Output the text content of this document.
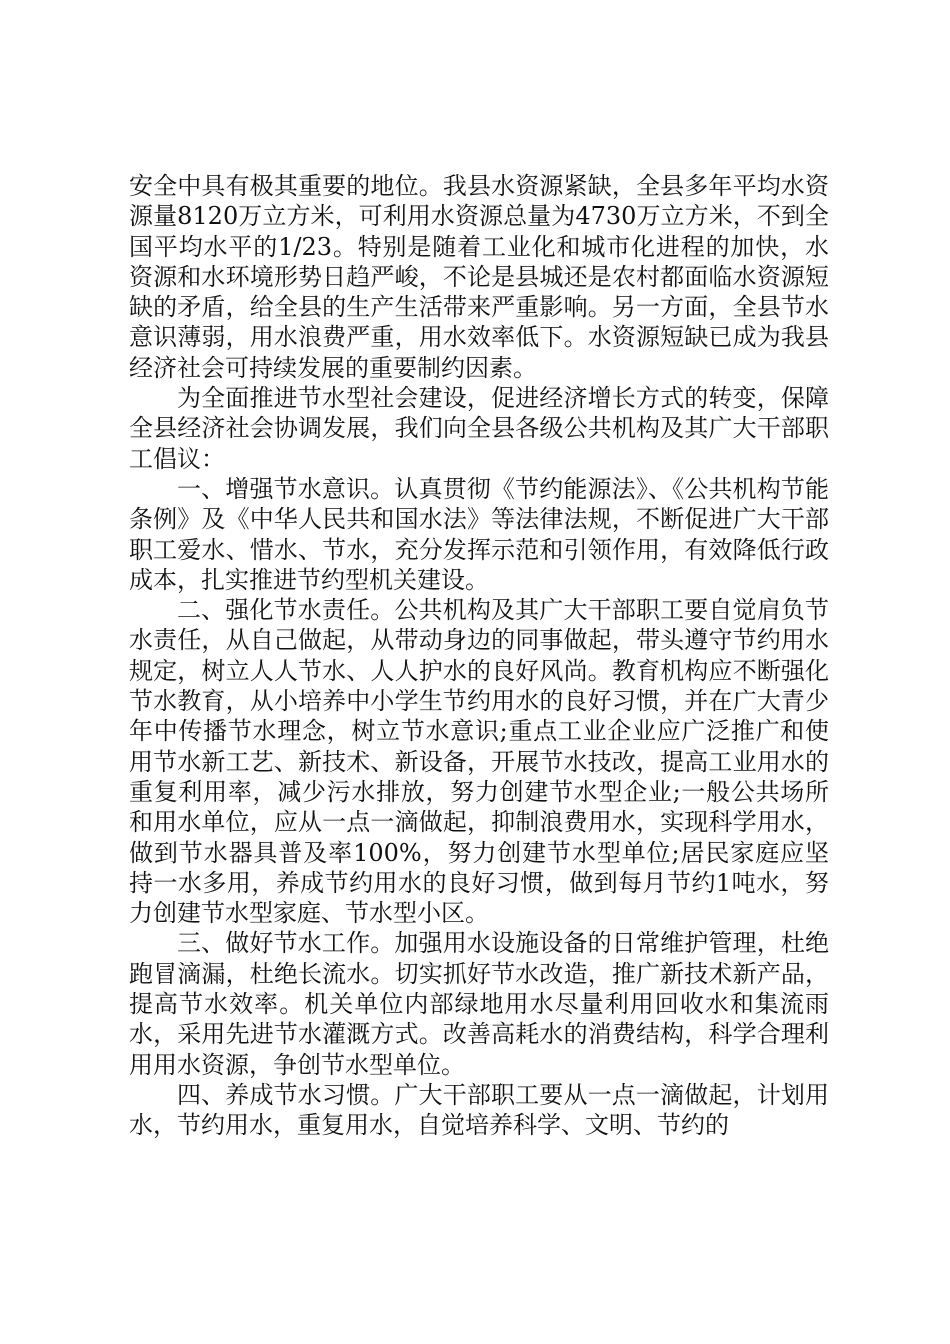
安全中具有极其重要的地位。我县水资源紧缺，全县多年平均水资源量8120万立方米，可利用水资源总量为4730万立方米，不到全国平均水平的1/23。特别是随着工业化和城市化进程的加快，水资源和水环境形势日趋严峻，不论是县城还是农村都面临水资源短缺的矛盾，给全县的生产生活带来严重影响。另一方面，全县节水意识薄弱，用水浪费严重，用水效率低下。水资源短缺已成为我县经济社会可持续发展的重要制约因素。

为全面推进节水型社会建设，促进经济增长方式的转变，保障全县经济社会协调发展，我们向全县各级公共机构及其广大干部职工倡议：

一、增强节水意识。认真贯彻《节约能源法》、《公共机构节能条例》及《中华人民共和国水法》等法律法规，不断促进广大干部职工爱水、惜水、节水，充分发挥示范和引领作用，有效降低行政成本，扎实推进节约型机关建设。

二、强化节水责任。公共机构及其广大干部职工要自觉肩负节水责任，从自己做起，从带动身边的同事做起，带头遵守节约用水规定，树立人人节水、人人护水的良好风尚。教育机构应不断强化节水教育，从小培养中小学生节约用水的良好习惯，并在广大青少年中传播节水理念，树立节水意识;重点工业企业应广泛推广和使用节水新工艺、新技术、新设备，开展节水技改，提高工业用水的重复利用率，减少污水排放，努力创建节水型企业;一般公共场所和用水单位，应从一点一滴做起，抑制浪费用水，实现科学用水，做到节水器具普及率100%，努力创建节水型单位;居民家庭应坚持一水多用，养成节约用水的良好习惯，做到每月节约1吨水，努力创建节水型家庭、节水型小区。

三、做好节水工作。加强用水设施设备的日常维护管理，杜绝跑冒滴漏，杜绝长流水。切实抓好节水改造，推广新技术新产品，提高节水效率。机关单位内部绿地用水尽量利用回收水和集流雨水，采用先进节水灌溉方式。改善高耗水的消费结构，科学合理利用用水资源，争创节水型单位。

四、养成节水习惯。广大干部职工要从一点一滴做起，计划用水，节约用水，重复用水，自觉培养科学、文明、节约的
